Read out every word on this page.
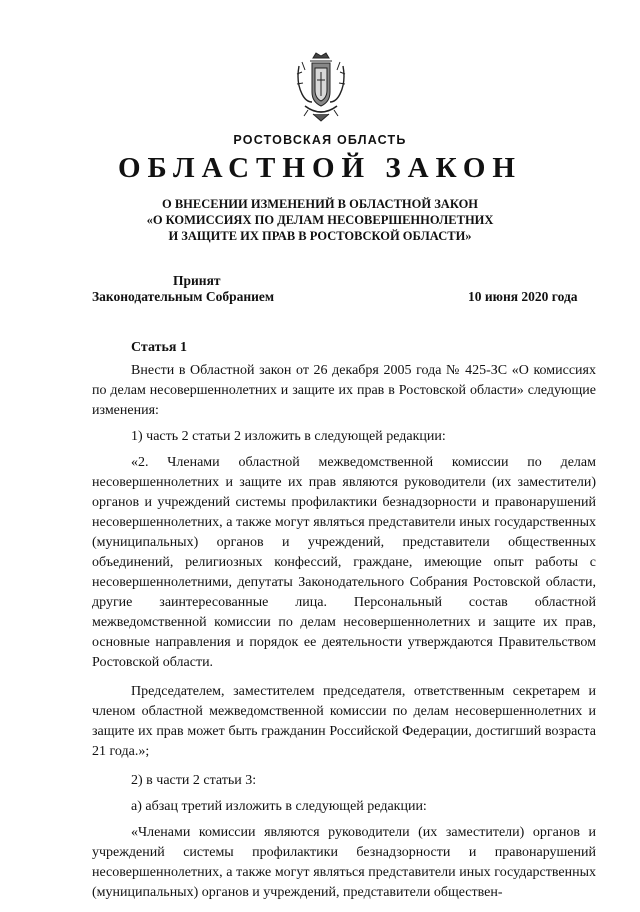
РОСТОВСКАЯ ОБЛАСТЬ
ОБЛАСТНОЙ ЗАКОН
О ВНЕСЕНИИ ИЗМЕНЕНИЙ В ОБЛАСТНОЙ ЗАКОН
«О КОМИССИЯХ ПО ДЕЛАМ НЕСОВЕРШЕННОЛЕТНИХ
И ЗАЩИТЕ ИХ ПРАВ В РОСТОВСКОЙ ОБЛАСТИ»
Принят
Законодательным Собранием	10 июня 2020 года
Статья 1

Внести в Областной закон от 26 декабря 2005 года № 425-ЗС «О комиссиях по делам несовершеннолетних и защите их прав в Ростовской области» следующие изменения:

1) часть 2 статьи 2 изложить в следующей редакции:

«2. Членами областной межведомственной комиссии по делам несовершеннолетних и защите их прав являются руководители (их заместители) органов и учреждений системы профилактики безнадзорности и правонарушений несовершеннолетних, а также могут являться представители иных государственных (муниципальных) органов и учреждений, представители общественных объединений, религиозных конфессий, граждане, имеющие опыт работы с несовершеннолетними, депутаты Законодательного Собрания Ростовской области, другие заинтересованные лица. Персональный состав областной межведомственной комиссии по делам несовершеннолетних и защите их прав, основные направления и порядок ее деятельности утверждаются Правительством Ростовской области.

Председателем, заместителем председателя, ответственным секретарем и членом областной межведомственной комиссии по делам несовершеннолетних и защите их прав может быть гражданин Российской Федерации, достигший возраста 21 года.»;

2) в части 2 статьи 3:

а) абзац третий изложить в следующей редакции:

«Членами комиссии являются руководители (их заместители) органов и учреждений системы профилактики безнадзорности и правонарушений несовершеннолетних, а также могут являться представители иных государственных (муниципальных) органов и учреждений, представители обществен-
